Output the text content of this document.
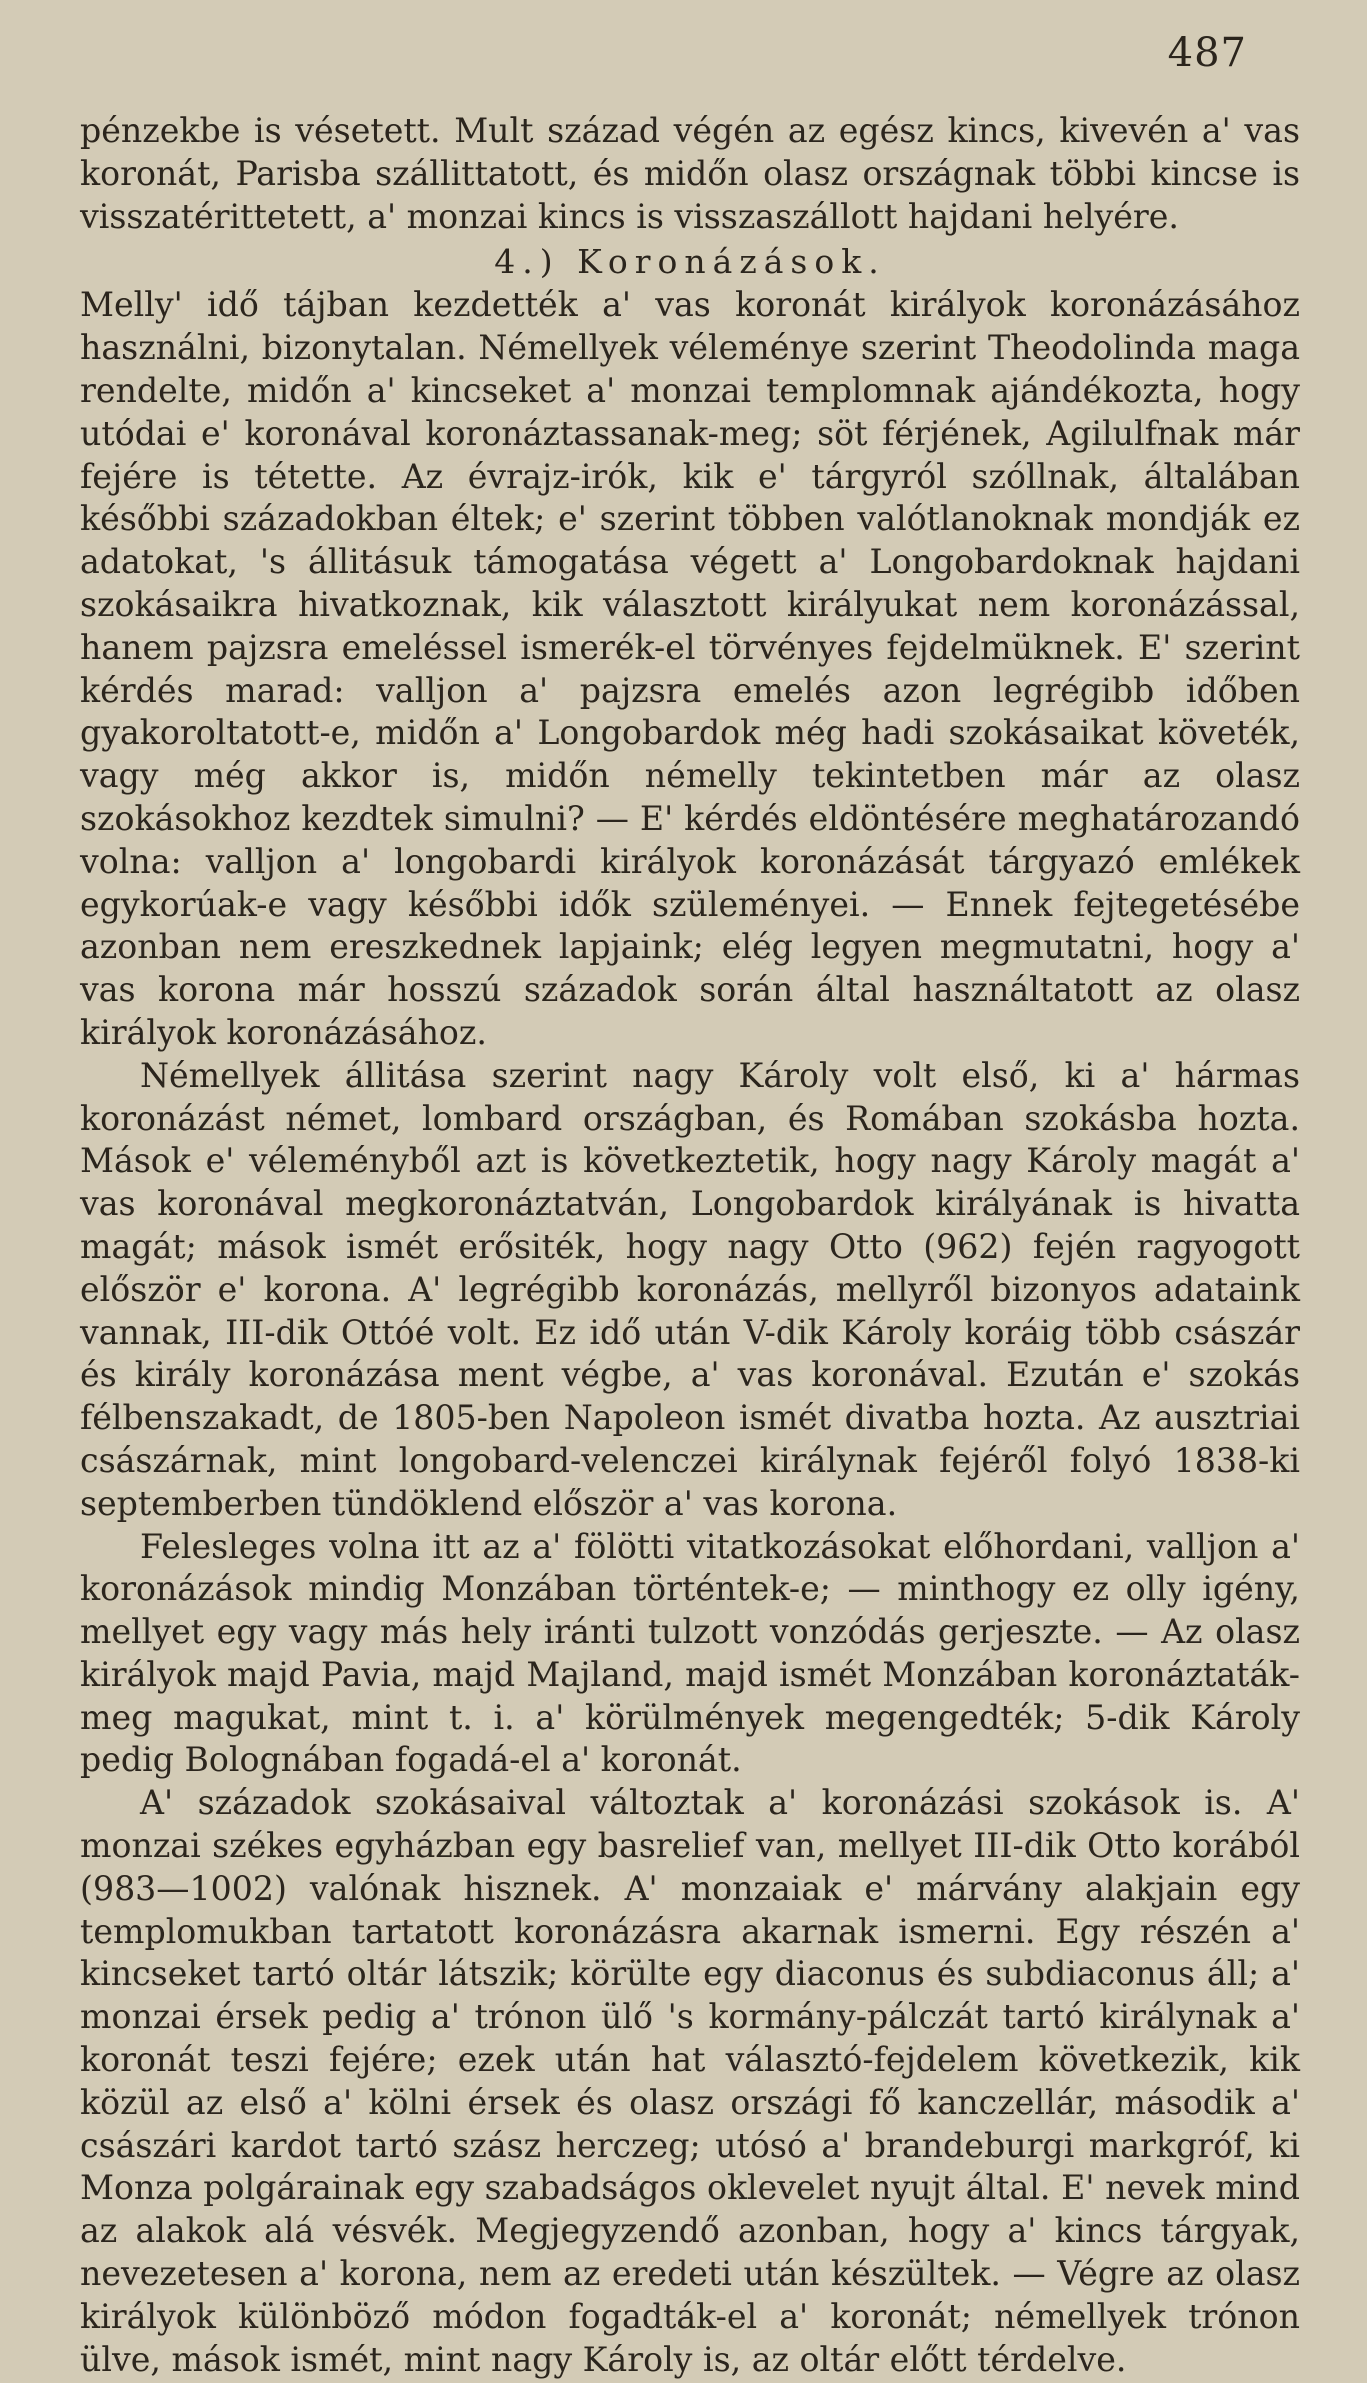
487

pénzekbe is vésetett. Mult század végén az egész kincs, kivevén a' vas koronát, Parisba szállittatott, és midőn olasz országnak többi kincse is visszatérittetett, a' monzai kincs is visszaszállott hajdani helyére.

4.) Koronázások.

Melly' idő tájban kezdették a' vas koronát királyok koronázásához használni, bizonytalan. Némellyek véleménye szerint Theodolinda maga rendelte, midőn a' kincseket a' monzai templomnak ajándékozta, hogy utódai e' koronával koronáztassanak-meg; söt férjének, Agilulfnak már fejére is tétette. Az évrajz-irók, kik e' tárgyról szóllnak, általában későbbi századokban éltek; e' szerint többen valótlanoknak mondják ez adatokat, 's állitásuk támogatása végett a' Longobardoknak hajdani szokásaikra hivatkoznak, kik választott királyukat nem koronázással, hanem pajzsra emeléssel ismerék-el törvényes fejdelmüknek. E' szerint kérdés marad: valljon a' pajzsra emelés azon legrégibb időben gyakoroltatott-e, midőn a' Longobardok még hadi szokásaikat követék, vagy még akkor is, midőn némelly tekintetben már az olasz szokásokhoz kezdtek simulni? — E' kérdés eldöntésére meghatározandó volna: valljon a' longobardi királyok koronázását tárgyazó emlékek egykorúak-e vagy későbbi idők szüleményei. — Ennek fejtegetésébe azonban nem ereszkednek lapjaink; elég legyen megmutatni, hogy a' vas korona már hosszú századok során által használtatott az olasz királyok koronázásához.

Némellyek állitása szerint nagy Károly volt első, ki a' hármas koronázást német, lombard országban, és Romában szokásba hozta. Mások e' véleményből azt is következtetik, hogy nagy Károly magát a' vas koronával megkoronáztatván, Longobardok királyának is hivatta magát; mások ismét erősiték, hogy nagy Otto (962) fején ragyogott először e' korona. A' legrégibb koronázás, mellyről bizonyos adataink vannak, III-dik Ottóé volt. Ez idő után V-dik Károly koráig több császár és király koronázása ment végbe, a' vas koronával. Ezután e' szokás félbenszakadt, de 1805-ben Napoleon ismét divatba hozta. Az ausztriai császárnak, mint longobard-velenczei királynak fejéről folyó 1838-ki septemberben tündöklend először a' vas korona.

Felesleges volna itt az a' fölötti vitatkozásokat előhordani, valljon a' koronázások mindig Monzában történtek-e; — minthogy ez olly igény, mellyet egy vagy más hely iránti tulzott vonzódás gerjeszte. — Az olasz királyok majd Pavia, majd Majland, majd ismét Monzában koronáztaták-meg magukat, mint t. i. a' körülmények megengedték; 5-dik Károly pedig Bolognában fogadá-el a' koronát.

A' századok szokásaival változtak a' koronázási szokások is. A' monzai székes egyházban egy basrelief van, mellyet III-dik Otto korából (983—1002) valónak hisznek. A' monzaiak e' márvány alakjain egy templomukban tartatott koronázásra akarnak ismerni. Egy részén a' kincseket tartó oltár látszik; körülte egy diaconus és subdiaconus áll; a' monzai érsek pedig a' trónon ülő 's kormány-pálczát tartó királynak a' koronát teszi fejére; ezek után hat választó-fejdelem következik, kik közül az első a' kölni érsek és olasz országi fő kanczellár, második a' császári kardot tartó szász herczeg; utósó a' brandeburgi markgróf, ki Monza polgárainak egy szabadságos oklevelet nyujt által. E' nevek mind az alakok alá vésvék. Megjegyzendő azonban, hogy a' kincs tárgyak, nevezetesen a' korona, nem az eredeti után készültek. — Végre az olasz királyok különböző módon fogadták-el a' koronát; némellyek trónon ülve, mások ismét, mint nagy Károly is, az oltár előtt térdelve.
